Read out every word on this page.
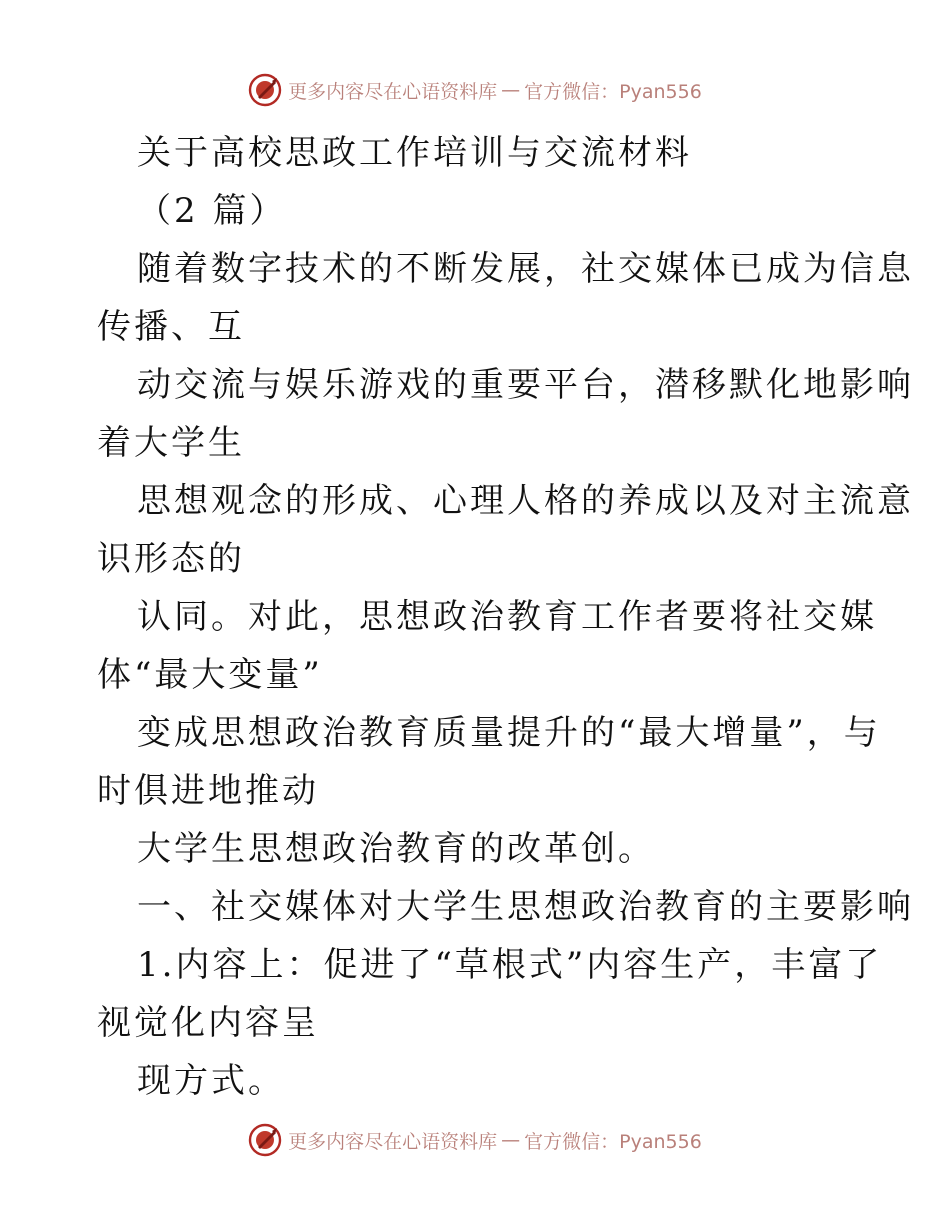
更多内容尽在心语资料库 — 官方微信：Pyan556
关于高校思政工作培训与交流材料
（2 篇）
随着数字技术的不断发展，社交媒体已成为信息
传播、互
动交流与娱乐游戏的重要平台，潜移默化地影响
着大学生
思想观念的形成、心理人格的养成以及对主流意
识形态的
认同。对此，思想政治教育工作者要将社交媒
体“最大变量”
变成思想政治教育质量提升的“最大增量”，与
时俱进地推动
大学生思想政治教育的改革创。
一、社交媒体对大学生思想政治教育的主要影响
1.内容上：促进了“草根式”内容生产，丰富了
视觉化内容呈
现方式。
更多内容尽在心语资料库 — 官方微信：Pyan556
